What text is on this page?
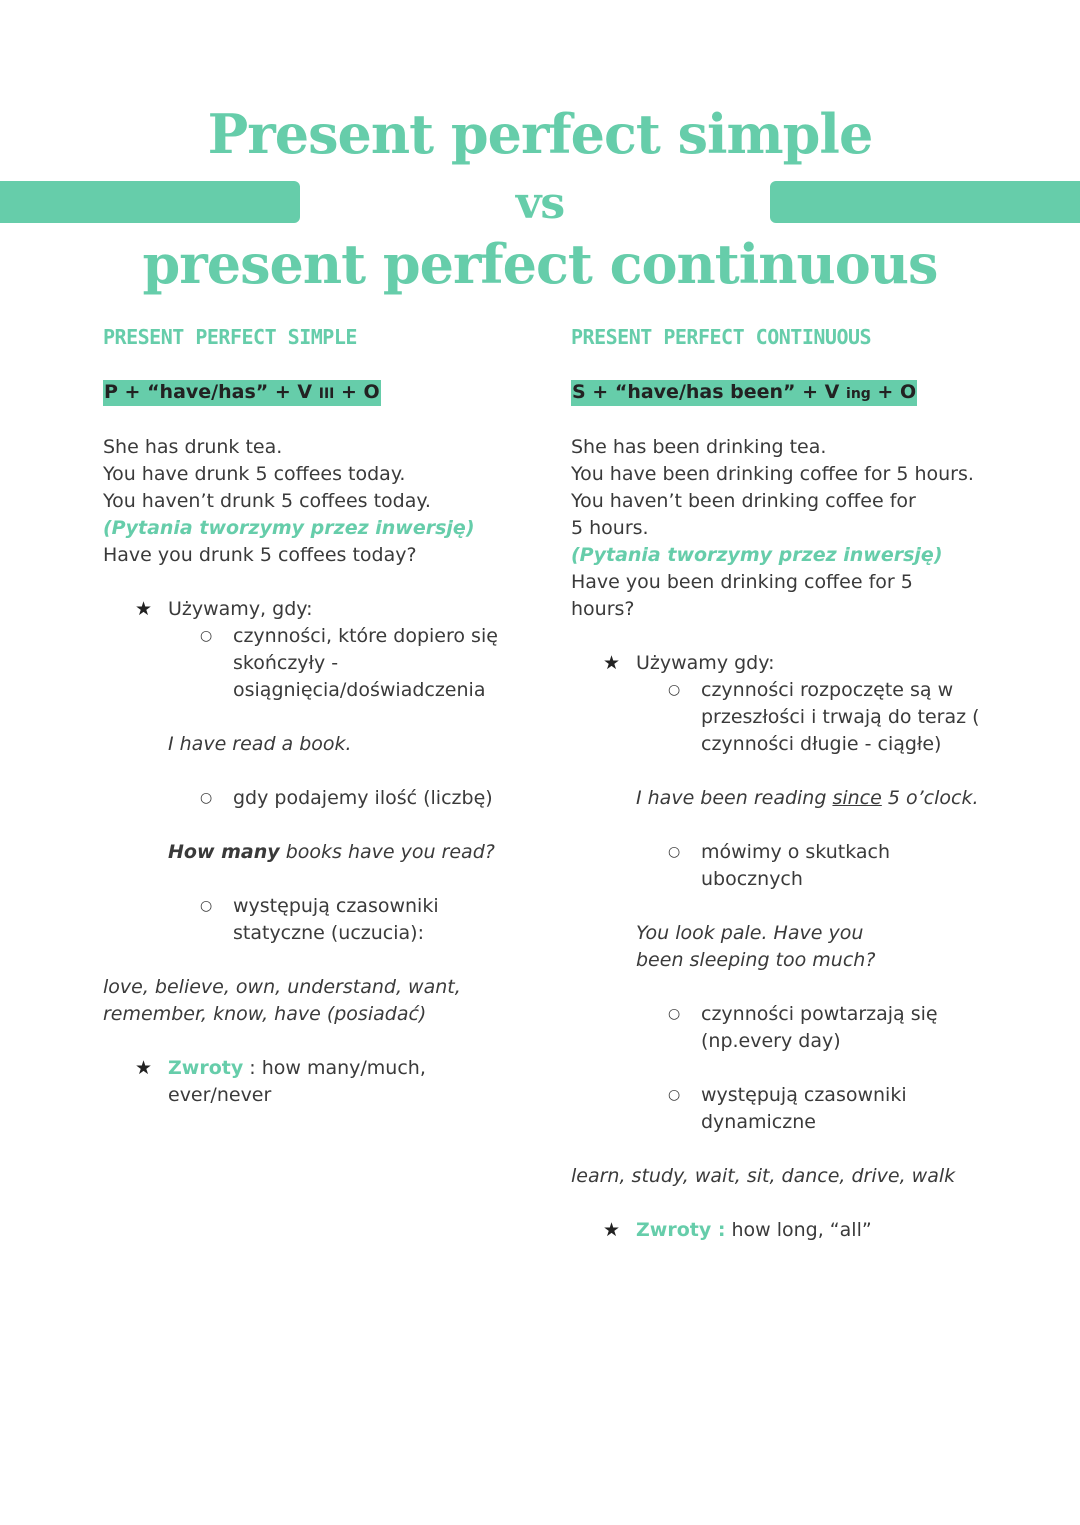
Present perfect simple
vs
present perfect continuous
PRESENT PERFECT SIMPLE
P + “have/has” + V III + O
She has drunk tea.
You have drunk 5 coffees today.
You haven’t drunk 5 coffees today.
(Pytania tworzymy przez inwersję)
Have you drunk 5 coffees today?
★ Używamy, gdy:
○	czynności, które dopiero się skończyły - osiągnięcia/doświadczenia
I have read a book.
○	gdy podajemy ilość (liczbę)
How many books have you read?
○	występują czasowniki statyczne (uczucia):
love, believe, own, understand, want,
remember, know, have (posiadać)
★ Zwroty : how many/much, ever/never
PRESENT PERFECT CONTINUOUS
S + “have/has been” + V ing + O
She has been drinking tea.
You have been drinking coffee for 5 hours.
You haven’t been drinking coffee for 5 hours.
(Pytania tworzymy przez inwersję)
Have you been drinking coffee for 5 hours?
★ Używamy gdy:
○	czynności rozpoczęte są w przeszłości i trwają do teraz ( czynności długie - ciągłe)
I have been reading since 5 o’clock.
○	mówimy o skutkach ubocznych
You look pale. Have you been sleeping too much?
○	czynności powtarzają się (np.every day)
○	występują czasowniki dynamiczne
learn, study, wait, sit, dance, drive, walk
★ Zwroty : how long, “all”
